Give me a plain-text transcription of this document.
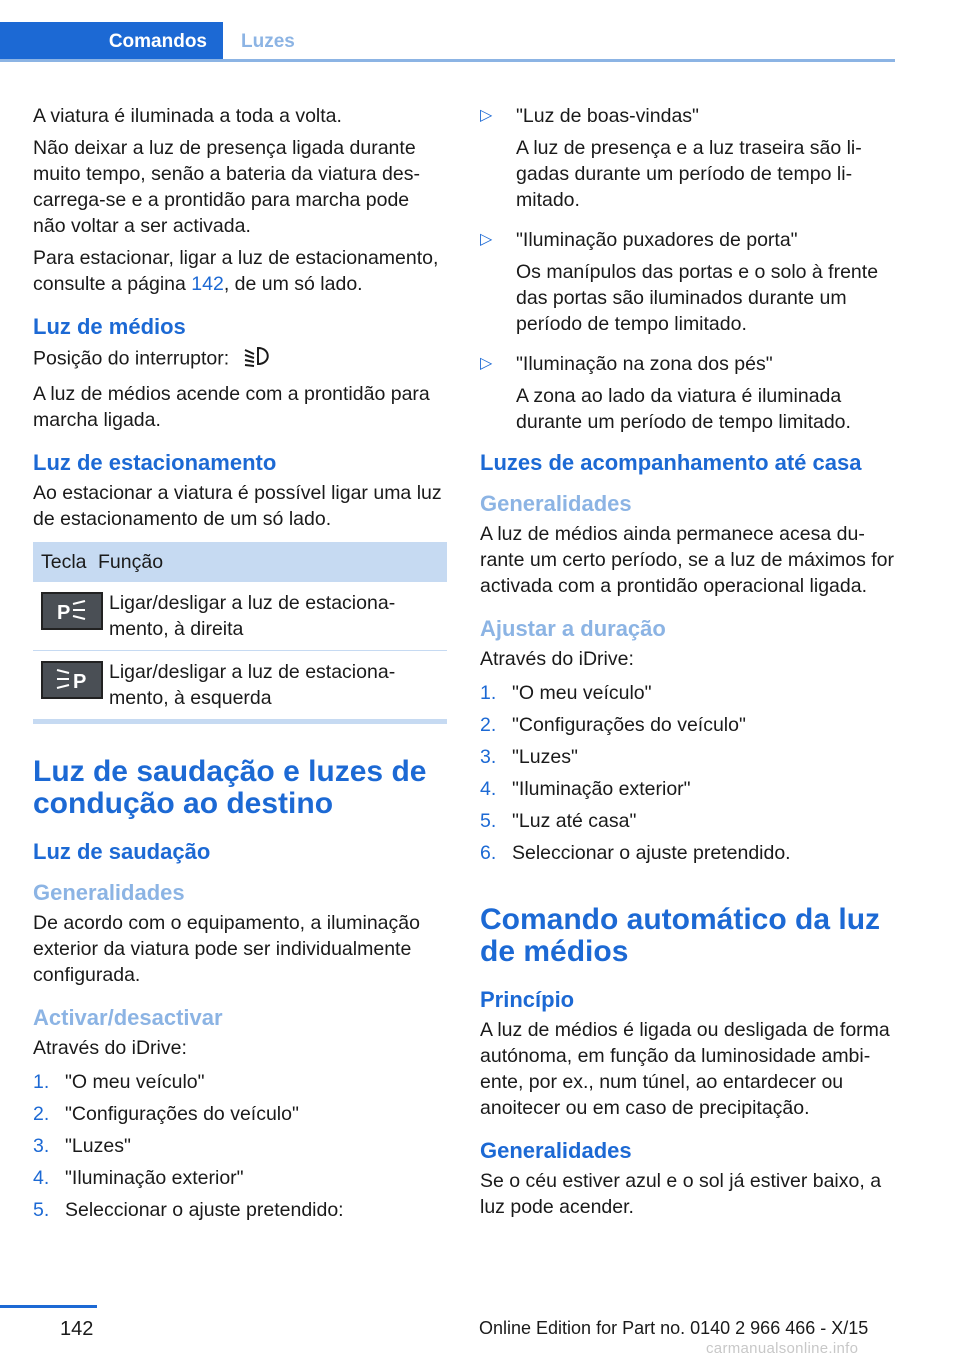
Comandos	Luzes

A viatura é iluminada a toda a volta.

Não deixar a luz de presença ligada durante muito tempo, senão a bateria da viatura descarrega-se e a prontidão para marcha pode não voltar a ser activada.

Para estacionar, ligar a luz de estacionamento, consulte a página 142, de um só lado.

Luz de médios

Posição do interruptor:

A luz de médios acende com a prontidão para marcha ligada.

Luz de estacionamento

Ao estacionar a viatura é possível ligar uma luz de estacionamento de um só lado.

Tecla Função
P Ligar/desligar a luz de estacionamento, à direita
P Ligar/desligar a luz de estacionamento, à esquerda
Luz de saudação e luzes de condução ao destino
Luz de saudação
Generalidades

De acordo com o equipamento, a iluminação exterior da viatura pode ser individualmente configurada.

Activar/desactivar

Através do iDrive:

1. "O meu veículo"
2. "Configurações do veículo"
3. "Luzes"
4. "Iluminação exterior"
5. Seleccionar o ajuste pretendido:
▷ "Luz de boas-vindas"
A luz de presença e a luz traseira são ligadas durante um período de tempo limitado.
▷ "Iluminação puxadores de porta"
Os manípulos das portas e o solo à frente das portas são iluminados durante um período de tempo limitado.
▷ "Iluminação na zona dos pés"
A zona ao lado da viatura é iluminada durante um período de tempo limitado.
Luzes de acompanhamento até casa
Generalidades

A luz de médios ainda permanece acesa durante um certo período, se a luz de máximos for activada com a prontidão operacional ligada.

Ajustar a duração

Através do iDrive:

1. "O meu veículo"
2. "Configurações do veículo"
3. "Luzes"
4. "Iluminação exterior"
5. "Luz até casa"
6. Seleccionar o ajuste pretendido.
Comando automático da luz de médios
Princípio

A luz de médios é ligada ou desligada de forma autónoma, em função da luminosidade ambiente, por ex., num túnel, ao entardecer ou anoitecer ou em caso de precipitação.

Generalidades

Se o céu estiver azul e o sol já estiver baixo, a luz pode acender.

142	Online Edition for Part no. 0140 2 966 466 - X/15
carmanualsonline.info
